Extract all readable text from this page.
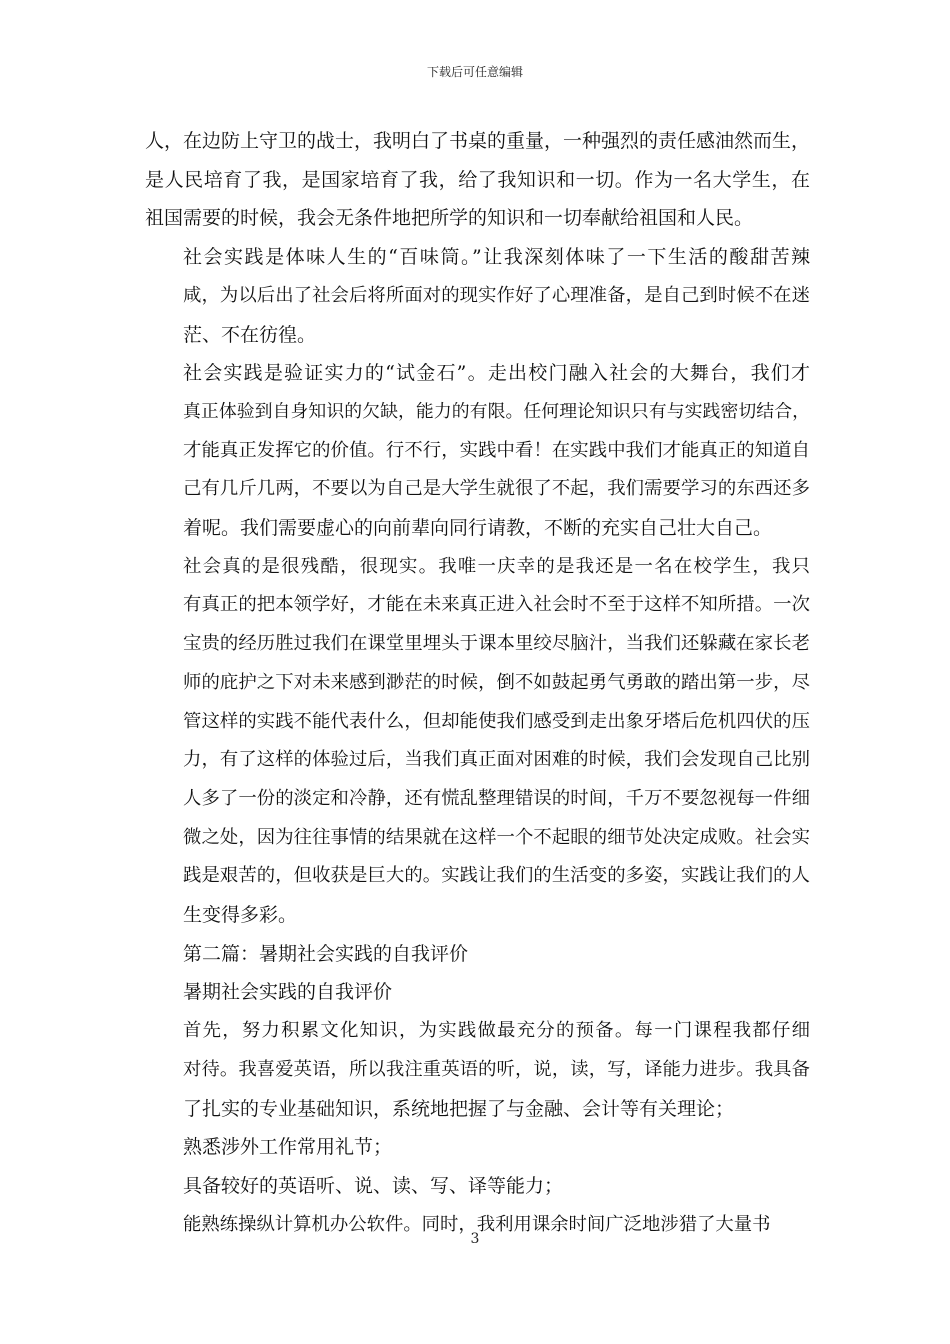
下载后可任意编辑
人，在边防上守卫的战士，我明白了书桌的重量，一种强烈的责任感油然而生，
是人民培育了我，是国家培育了我，给了我知识和一切。作为一名大学生，在
祖国需要的时候，我会无条件地把所学的知识和一切奉献给祖国和人民。
社会实践是体味人生的“百味筒。”让我深刻体味了一下生活的酸甜苦辣
咸，为以后出了社会后将所面对的现实作好了心理准备，是自己到时候不在迷
茫、不在彷徨。
社会实践是验证实力的“试金石”。走出校门融入社会的大舞台，我们才
真正体验到自身知识的欠缺，能力的有限。任何理论知识只有与实践密切结合，
才能真正发挥它的价值。行不行，实践中看！在实践中我们才能真正的知道自
己有几斤几两，不要以为自己是大学生就很了不起，我们需要学习的东西还多
着呢。我们需要虚心的向前辈向同行请教，不断的充实自己壮大自己。
社会真的是很残酷，很现实。我唯一庆幸的是我还是一名在校学生，我只
有真正的把本领学好，才能在未来真正进入社会时不至于这样不知所措。一次
宝贵的经历胜过我们在课堂里埋头于课本里绞尽脑汁，当我们还躲藏在家长老
师的庇护之下对未来感到渺茫的时候，倒不如鼓起勇气勇敢的踏出第一步，尽
管这样的实践不能代表什么，但却能使我们感受到走出象牙塔后危机四伏的压
力，有了这样的体验过后，当我们真正面对困难的时候，我们会发现自己比别
人多了一份的淡定和冷静，还有慌乱整理错误的时间，千万不要忽视每一件细
微之处，因为往往事情的结果就在这样一个不起眼的细节处决定成败。社会实
践是艰苦的，但收获是巨大的。实践让我们的生活变的多姿，实践让我们的人
生变得多彩。
第二篇：暑期社会实践的自我评价
暑期社会实践的自我评价
首先，努力积累文化知识，为实践做最充分的预备。每一门课程我都仔细
对待。我喜爱英语，所以我注重英语的听，说，读，写，译能力进步。我具备
了扎实的专业基础知识，系统地把握了与金融、会计等有关理论；
熟悉涉外工作常用礼节；
具备较好的英语听、说、读、写、译等能力；
能熟练操纵计算机办公软件。同时，我利用课余时间广泛地涉猎了大量书
3
